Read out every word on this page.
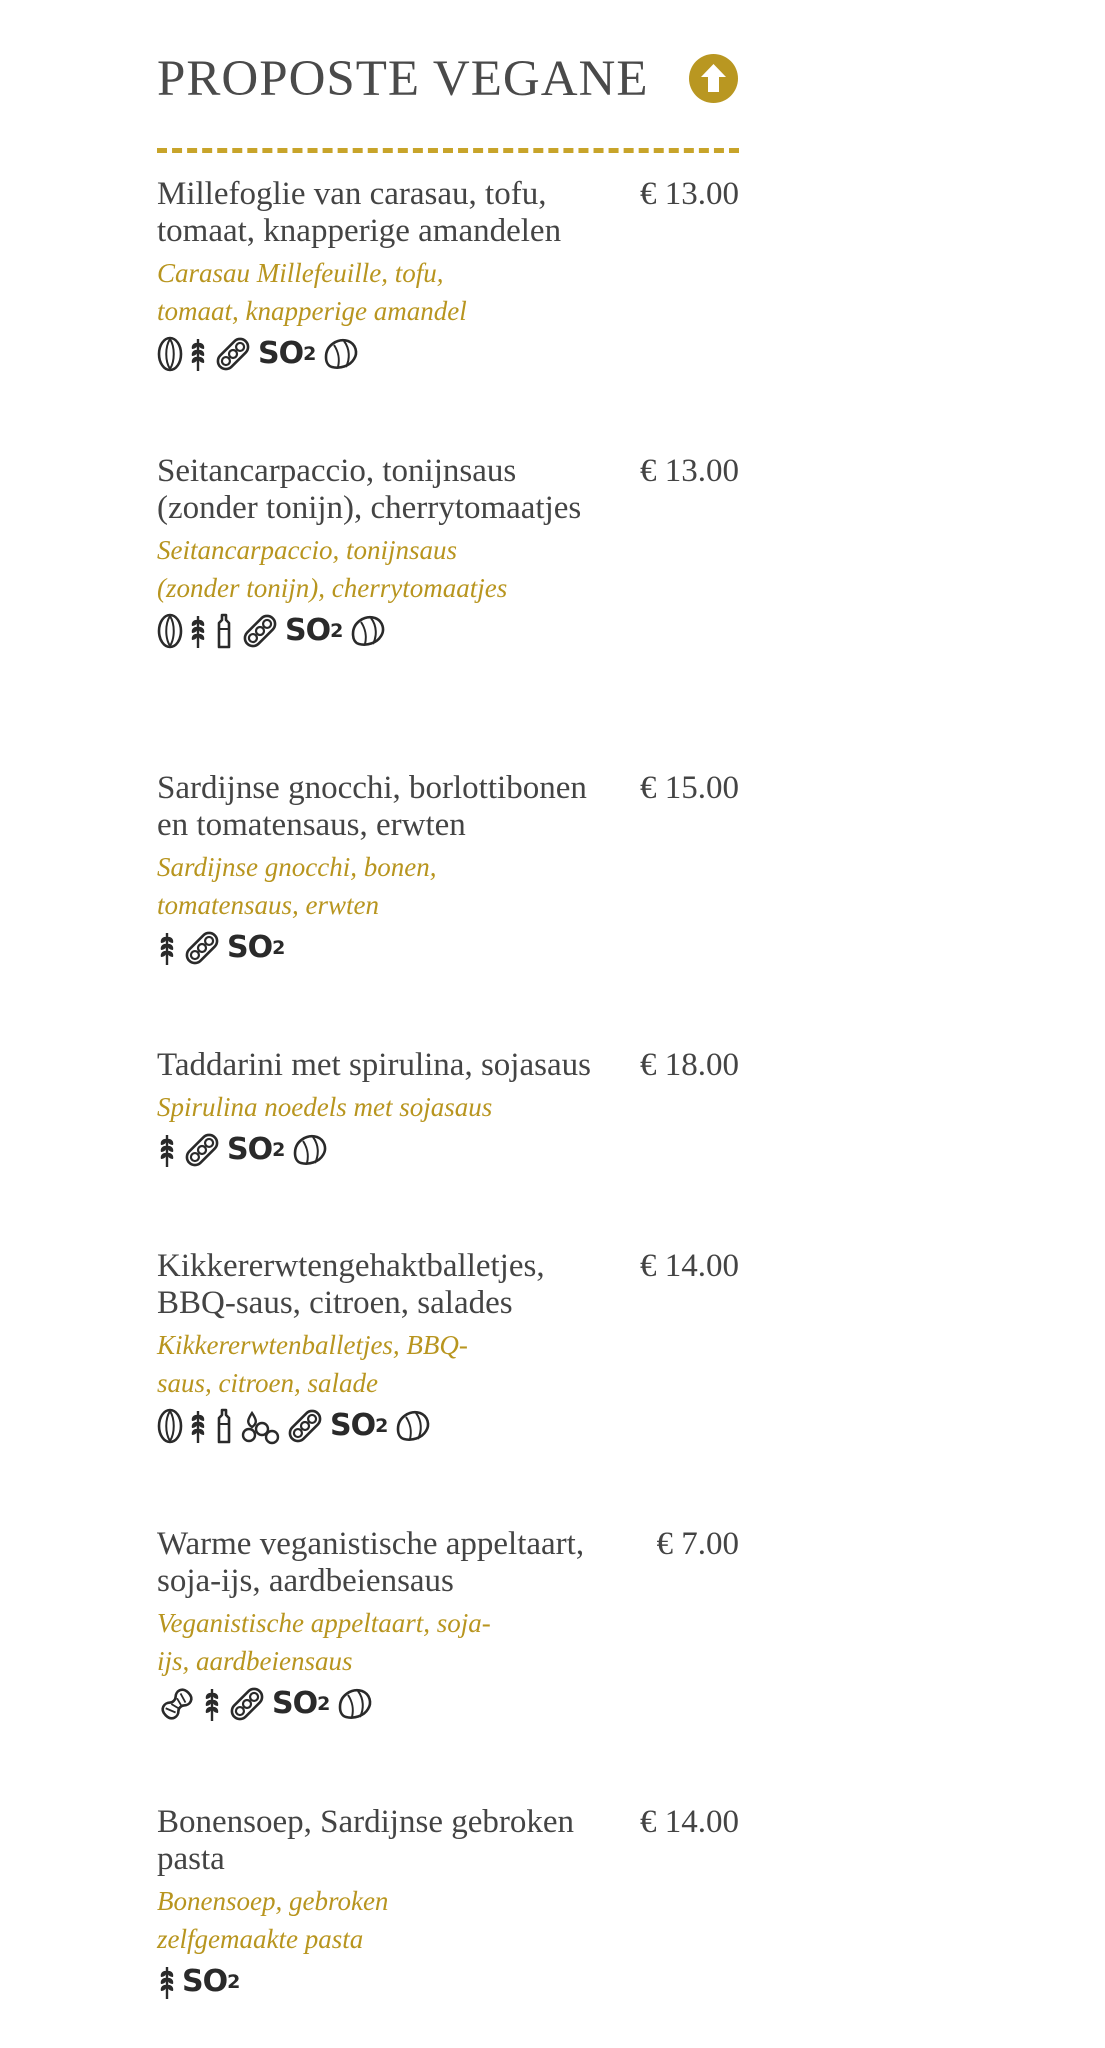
PROPOSTE VEGANE
Millefoglie van carasau, tofu, tomaat, knapperige amandelen
€ 13.00
Carasau Millefeuille, tofu, tomaat, knapperige amandel
SO 2
Seitancarpaccio, tonijnsaus (zonder tonijn), cherrytomaatjes
€ 13.00
Seitancarpaccio, tonijnsaus (zonder tonijn), cherrytomaatjes
SO 2
Sardijnse gnocchi, borlottibonen en tomatensaus, erwten
€ 15.00
Sardijnse gnocchi, bonen, tomatensaus, erwten
SO 2
Taddarini met spirulina, sojasaus	€ 18.00
Spirulina noedels met sojasaus
SO 2
Kikkererwtengehaktballetjes, BBQ-saus, citroen, salades
€ 14.00
Kikkererwtenballetjes, BBQ-saus, citroen, salade
SO 2
Warme veganistische appeltaart, soja-ijs, aardbeiensaus
€ 7.00
Veganistische appeltaart, soja-ijs, aardbeiensaus
SO 2
Bonensoep, Sardijnse gebroken pasta
€ 14.00
Bonensoep, gebroken zelfgemaakte pasta
SO 2
